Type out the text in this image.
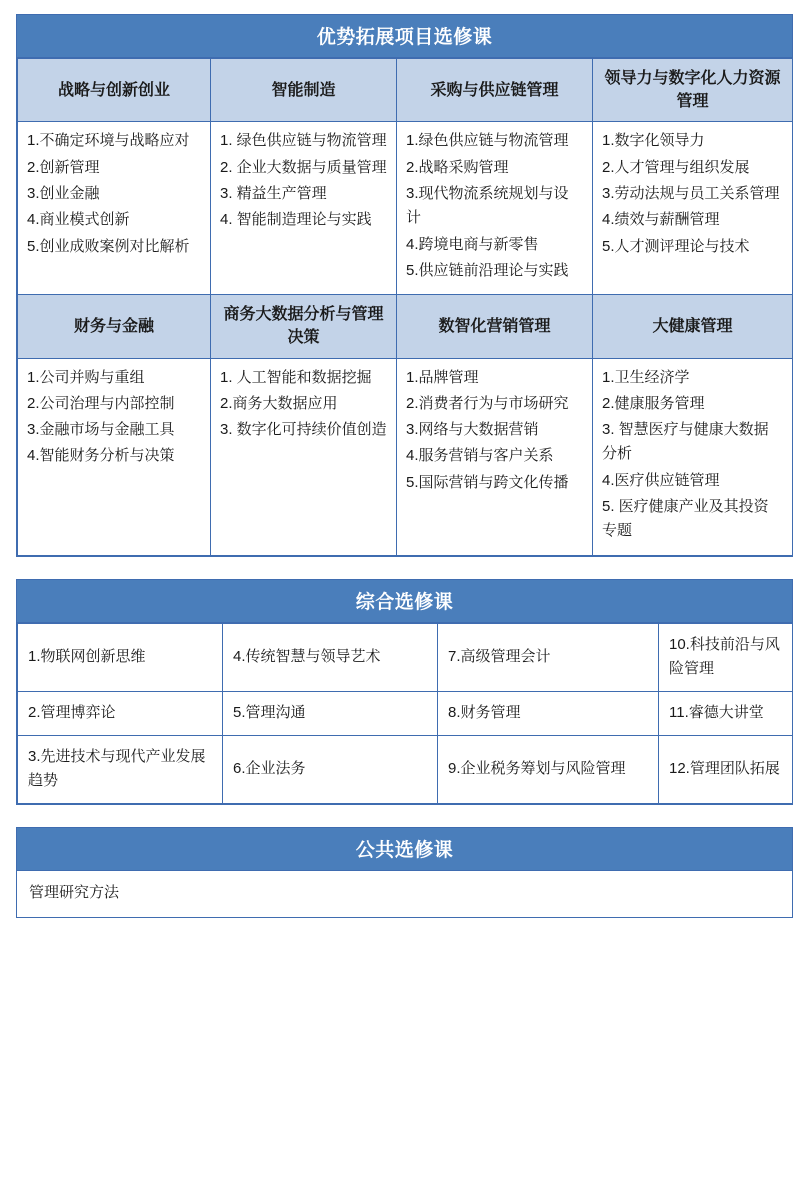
优势拓展项目选修课
战略与创新创业	智能制造	采购与供应链管理	领导力与数字化人力资源管理

1.不确定环境与战略应对
2.创新管理
3.创业金融
4.商业模式创新
5.创业成败案例对比解析

1. 绿色供应链与物流管理
2. 企业大数据与质量管理
3. 精益生产管理
4. 智能制造理论与实践

1.绿色供应链与物流管理
2.战略采购管理
3.现代物流系统规划与设计
4.跨境电商与新零售
5.供应链前沿理论与实践

1.数字化领导力
2.人才管理与组织发展
3.劳动法规与员工关系管理
4.绩效与薪酬管理
5.人才测评理论与技术

财务与金融	商务大数据分析与管理决策	数智化营销管理	大健康管理

1.公司并购与重组
2.公司治理与内部控制
3.金融市场与金融工具
4.智能财务分析与决策

1. 人工智能和数据挖掘
2.商务大数据应用
3. 数字化可持续价值创造

1.品牌管理
2.消费者行为与市场研究
3.网络与大数据营销
4.服务营销与客户关系
5.国际营销与跨文化传播

1.卫生经济学
2.健康服务管理
3. 智慧医疗与健康大数据分析
4.医疗供应链管理
5. 医疗健康产业及其投资专题
综合选修课
1.物联网创新思维	4.传统智慧与领导艺术	7.高级管理会计	10.科技前沿与风险管理
2.管理博弈论	5.管理沟通	8.财务管理	11.睿德大讲堂
3.先进技术与现代产业发展趋势	6.企业法务	9.企业税务筹划与风险管理	12.管理团队拓展
公共选修课
管理研究方法
